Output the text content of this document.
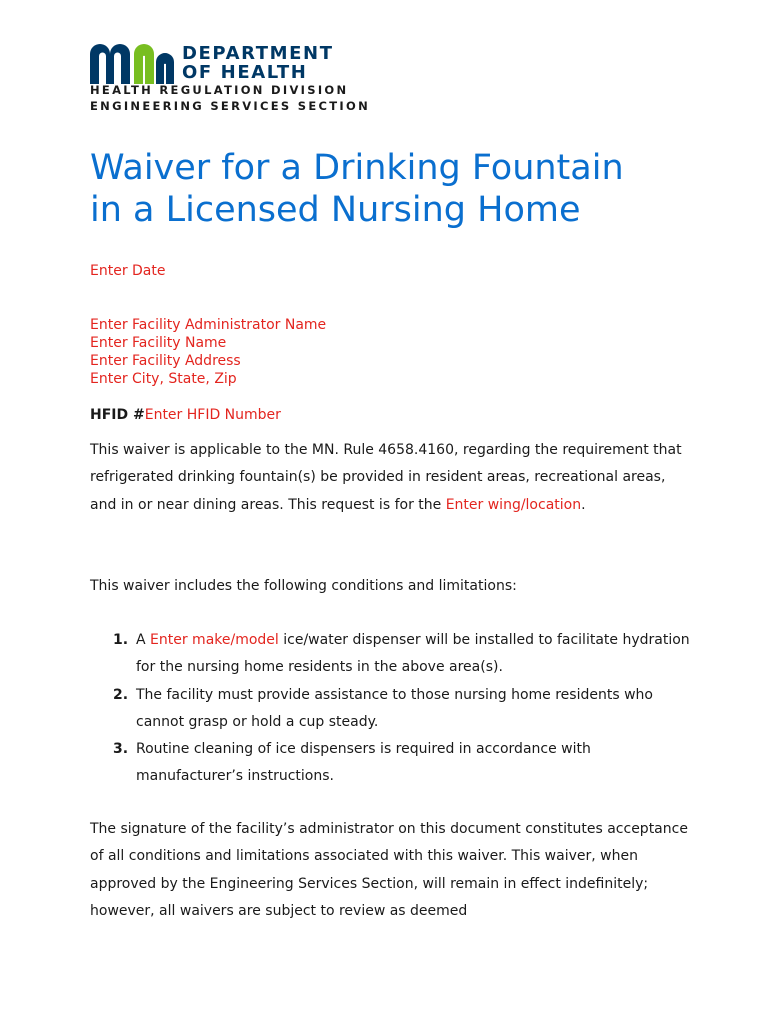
DEPARTMENT
OF HEALTH
HEALTH REGULATION DIVISION
ENGINEERING SERVICES SECTION
Waiver for a Drinking Fountain
in a Licensed Nursing Home
Enter Date
Enter Facility Administrator Name
Enter Facility Name
Enter Facility Address
Enter City, State, Zip
HFID #Enter HFID Number

This waiver is applicable to the MN. Rule 4658.4160, regarding the requirement that refrigerated drinking fountain(s) be provided in resident areas, recreational areas, and in or near dining areas. This request is for the Enter wing/location.

This waiver includes the following conditions and limitations:

1. A Enter make/model ice/water dispenser will be installed to facilitate hydration for the nursing home residents in the above area(s).
2. The facility must provide assistance to those nursing home residents who cannot grasp or hold a cup steady.
3. Routine cleaning of ice dispensers is required in accordance with manufacturer’s instructions.

The signature of the facility’s administrator on this document constitutes acceptance of all conditions and limitations associated with this waiver. This waiver, when approved by the Engineering Services Section, will remain in effect indefinitely; however, all waivers are subject to review as deemed
